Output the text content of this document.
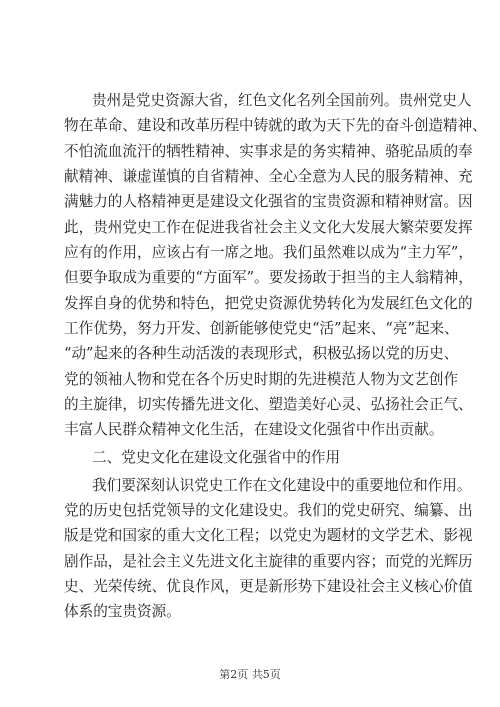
贵州是党史资源大省，红色文化名列全国前列。贵州党史人
物在革命、建设和改革历程中铸就的敢为天下先的奋斗创造精神、
不怕流血流汗的牺牲精神、实事求是的务实精神、骆驼品质的奉
献精神、谦虚谨慎的自省精神、全心全意为人民的服务精神、充
满魅力的人格精神更是建设文化强省的宝贵资源和精神财富。因
此，贵州党史工作在促进我省社会主义文化大发展大繁荣要发挥
应有的作用，应该占有一席之地。我们虽然难以成为“主力军”，
但要争取成为重要的“方面军”。要发扬敢于担当的主人翁精神，
发挥自身的优势和特色，把党史资源优势转化为发展红色文化的
工作优势，努力开发、创新能够使党史“活”起来、“亮”起来、
“动”起来的各种生动活泼的表现形式，积极弘扬以党的历史、
党的领袖人物和党在各个历史时期的先进模范人物为文艺创作
的主旋律，切实传播先进文化、塑造美好心灵、弘扬社会正气、
丰富人民群众精神文化生活，在建设文化强省中作出贡献。
二、党史文化在建设文化强省中的作用
我们要深刻认识党史工作在文化建设中的重要地位和作用。
党的历史包括党领导的文化建设史。我们的党史研究、编纂、出
版是党和国家的重大文化工程；以党史为题材的文学艺术、影视
剧作品，是社会主义先进文化主旋律的重要内容；而党的光辉历
史、光荣传统、优良作风，更是新形势下建设社会主义核心价值
体系的宝贵资源。
第2页 共5页
